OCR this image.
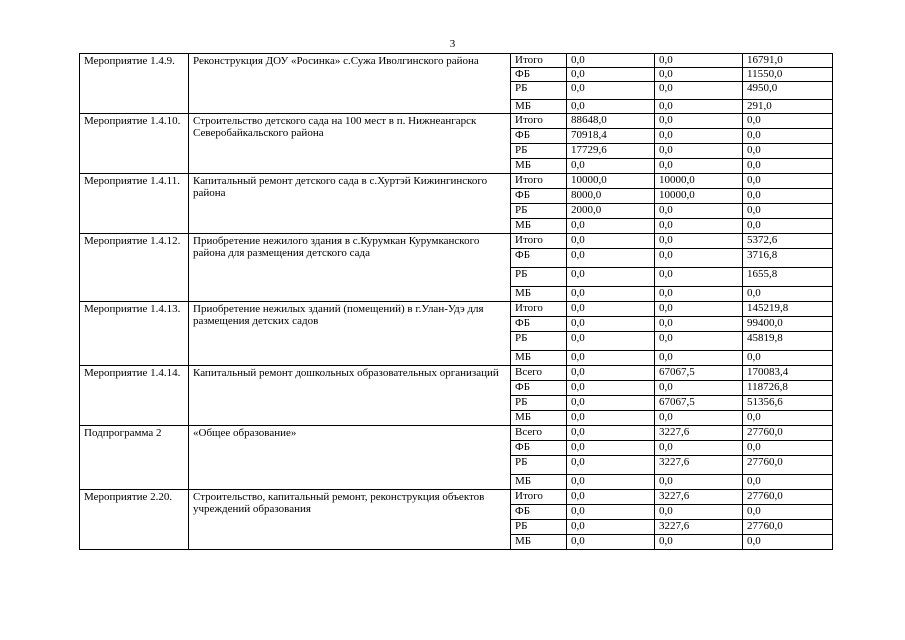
3
Мероприятие 1.4.9.	Реконструкция ДОУ «Росинка» с.Сужа Иволгинского района	Итого	0,0	0,0	16791,0
		ФБ	0,0	0,0	11550,0
		РБ	0,0	0,0	4950,0
		МБ	0,0	0,0	291,0
Мероприятие 1.4.10.	Строительство детского сада на 100 мест в п. Нижнеангарск Северобайкальского района	Итого	88648,0	0,0	0,0
		ФБ	70918,4	0,0	0,0
		РБ	17729,6	0,0	0,0
		МБ	0,0	0,0	0,0
Мероприятие 1.4.11.	Капитальный ремонт детского сада в с.Хуртэй Кижингинского района	Итого	10000,0	10000,0	0,0
		ФБ	8000,0	10000,0	0,0
		РБ	2000,0	0,0	0,0
		МБ	0,0	0,0	0,0
Мероприятие 1.4.12.	Приобретение нежилого здания в с.Курумкан Курумканского района для размещения детского сада	Итого	0,0	0,0	5372,6
		ФБ	0,0	0,0	3716,8
		РБ	0,0	0,0	1655,8
		МБ	0,0	0,0	0,0
Мероприятие 1.4.13.	Приобретение нежилых зданий (помещений) в г.Улан-Удэ для размещения детских садов	Итого	0,0	0,0	145219,8
		ФБ	0,0	0,0	99400,0
		РБ	0,0	0,0	45819,8
		МБ	0,0	0,0	0,0
Мероприятие 1.4.14.	Капитальный ремонт дошкольных образовательных организаций	Всего	0,0	67067,5	170083,4
		ФБ	0,0	0,0	118726,8
		РБ	0,0	67067,5	51356,6
		МБ	0,0	0,0	0,0
Подпрограмма 2	«Общее образование»	Всего	0,0	3227,6	27760,0
		ФБ	0,0	0,0	0,0
		РБ	0,0	3227,6	27760,0
		МБ	0,0	0,0	0,0
Мероприятие 2.20.	Строительство, капитальный ремонт, реконструкция объектов учреждений образования	Итого	0,0	3227,6	27760,0
		ФБ	0,0	0,0	0,0
		РБ	0,0	3227,6	27760,0
		МБ	0,0	0,0	0,0
